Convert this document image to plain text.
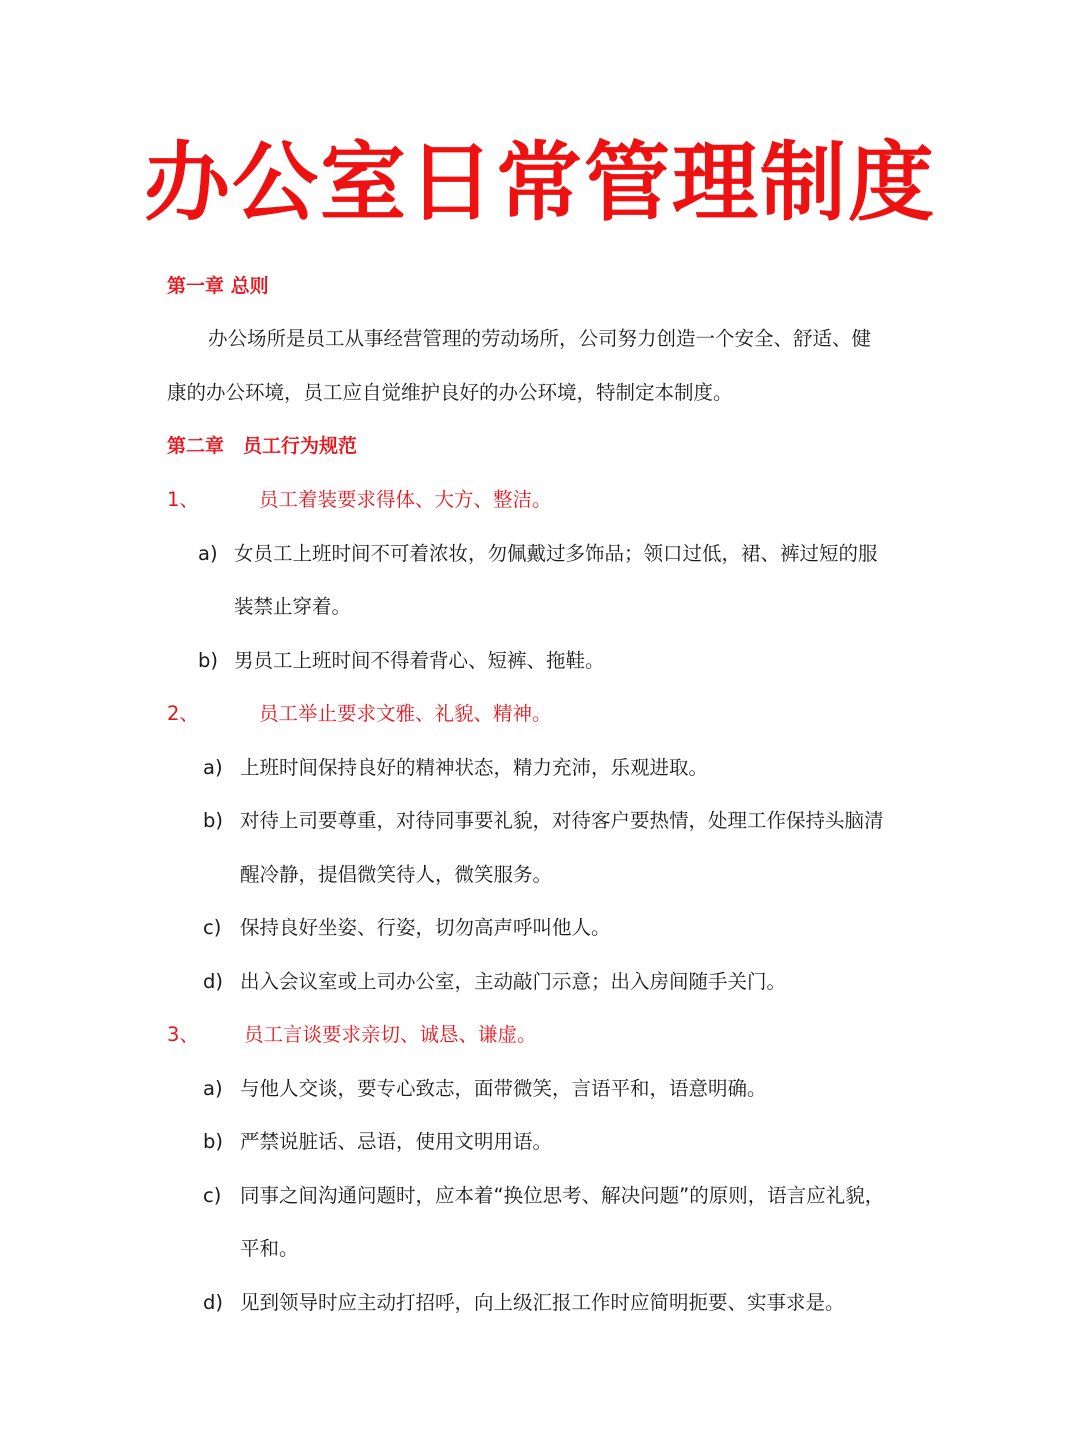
办公室日常管理制度
第一章 总则
办公场所是员工从事经营管理的劳动场所，公司努力创造一个安全、舒适、健
康的办公环境，员工应自觉维护良好的办公环境，特制定本制度。
第二章　员工行为规范
1、	员工着装要求得体、大方、整洁。
a) 女员工上班时间不可着浓妆，勿佩戴过多饰品；领口过低，裙、裤过短的服
装禁止穿着。
b) 男员工上班时间不得着背心、短裤、拖鞋。
2、	员工举止要求文雅、礼貌、精神。
a) 上班时间保持良好的精神状态，精力充沛，乐观进取。
b) 对待上司要尊重，对待同事要礼貌，对待客户要热情，处理工作保持头脑清
醒冷静，提倡微笑待人，微笑服务。
c) 保持良好坐姿、行姿，切勿高声呼叫他人。
d) 出入会议室或上司办公室，主动敲门示意；出入房间随手关门。
3、 员工言谈要求亲切、诚恳、谦虚。
a) 与他人交谈，要专心致志，面带微笑，言语平和，语意明确。
b) 严禁说脏话、忌语，使用文明用语。
c) 同事之间沟通问题时，应本着“换位思考、解决问题”的原则，语言应礼貌，
平和。
d) 见到领导时应主动打招呼，向上级汇报工作时应简明扼要、实事求是。
